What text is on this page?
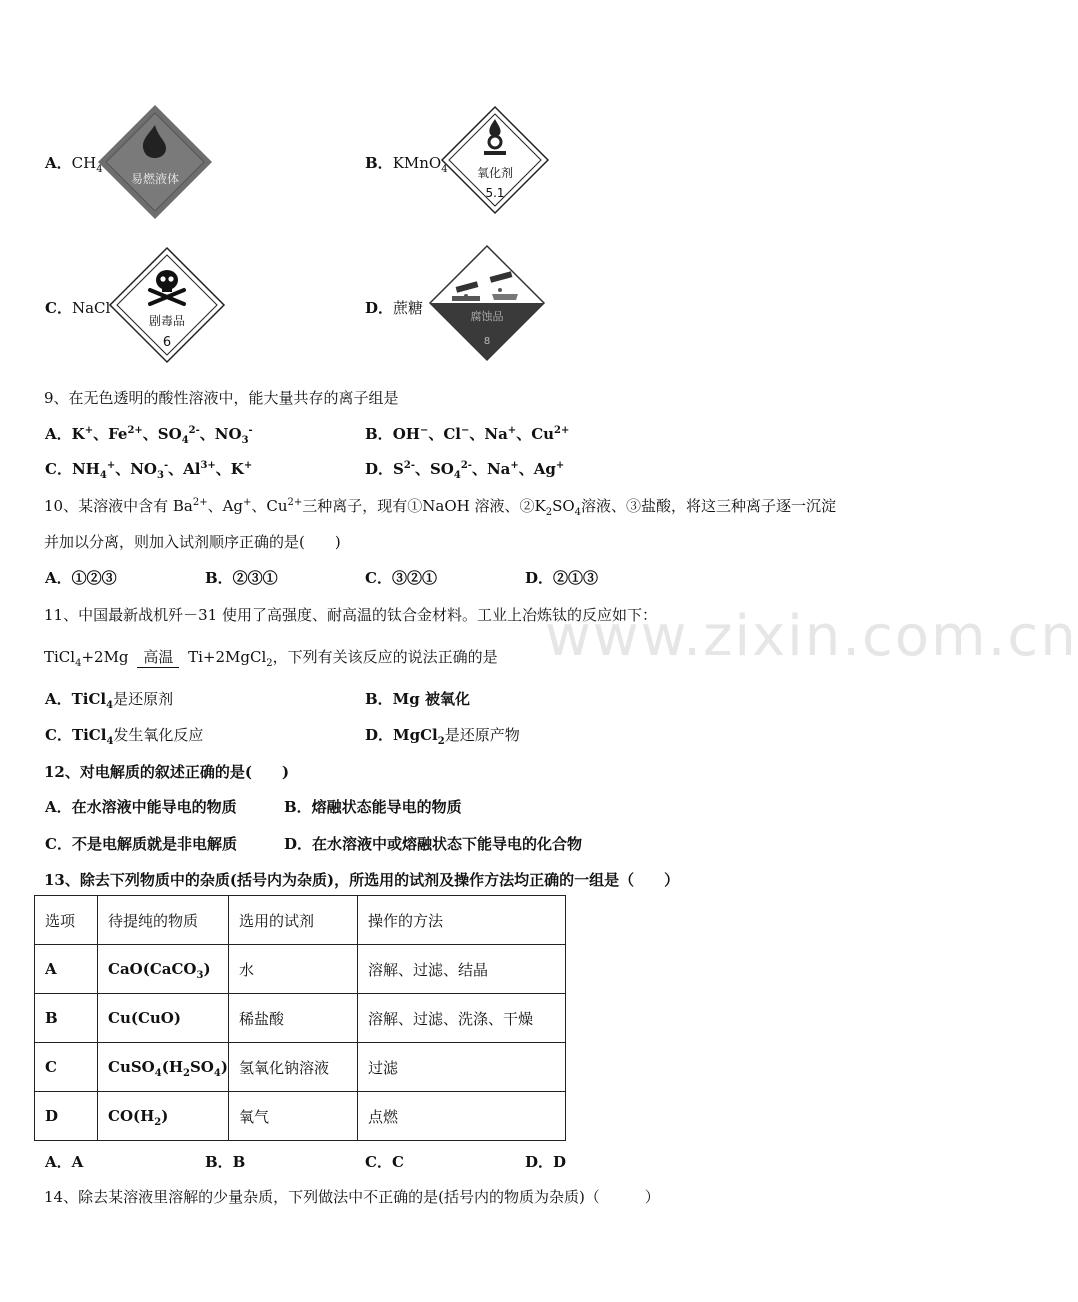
www.zixin.com.cn
A．$CH_4$
易燃液体
B．KMnO$_4$ 氧化剂
5.1
C．NaCl
剧毒品
6
D．蔗糖	腐蚀品
8
9、在无色透明的酸性溶液中，能大量共存的离子组是
A．K+、$Fe^{2+}$、$SO_4^{2-}$、$NO_3^-$	B．OH−、Cl−、Na+、$Cu^{2+}$
C．$NH_4^+$、$NO_3^-$、$Al^{3+}$、K+	D．$S^{2-}$、$SO_4^{2-}$、Na+、Ag+
10、某溶液中含有 $Ba^{2+}$、Ag+、$Cu^{2+}$三种离子，现有①NaOH 溶液、$②K_2SO_4$溶液、③盐酸，将这三种离子逐一沉淀
并加以分离，则加入试剂顺序正确的是(　　)
A．①②③	B．②③①	C．③②①	D．②①③
11、中国最新战机歼－31 使用了高强度、耐高温的钛合金材料。工业上冶炼钛的反应如下：
TiCl$_4$+2Mg 高温 Ti+2MgCl$_2$，下列有关该反应的说法正确的是
A．TiCl$_4$是还原剂	B．Mg 被氧化
C．TiCl$_4$发生氧化反应	D．MgCl$_2$是还原产物
12、对电解质的叙述正确的是(　　)
A．在水溶液中能导电的物质	B．熔融状态能导电的物质
C．不是电解质就是非电解质	D．在水溶液中或熔融状态下能导电的化合物
13、除去下列物质中的杂质(括号内为杂质)，所选用的试剂及操作方法均正确的一组是（　　）
选项	待提纯的物质	选用的试剂	操作的方法
A	CaO(CaCO$_3$)	水	溶解、过滤、结晶
B	Cu(CuO)	稀盐酸	溶解、过滤、洗涤、干燥
C	$CuSO_4(H_2SO_4)$	氢氧化钠溶液	过滤
D	$CO(H_2)$	氧气	点燃
A．A	B．B	C．C	D．D
14、除去某溶液里溶解的少量杂质，下列做法中不正确的是(括号内的物质为杂质)（　　　）
